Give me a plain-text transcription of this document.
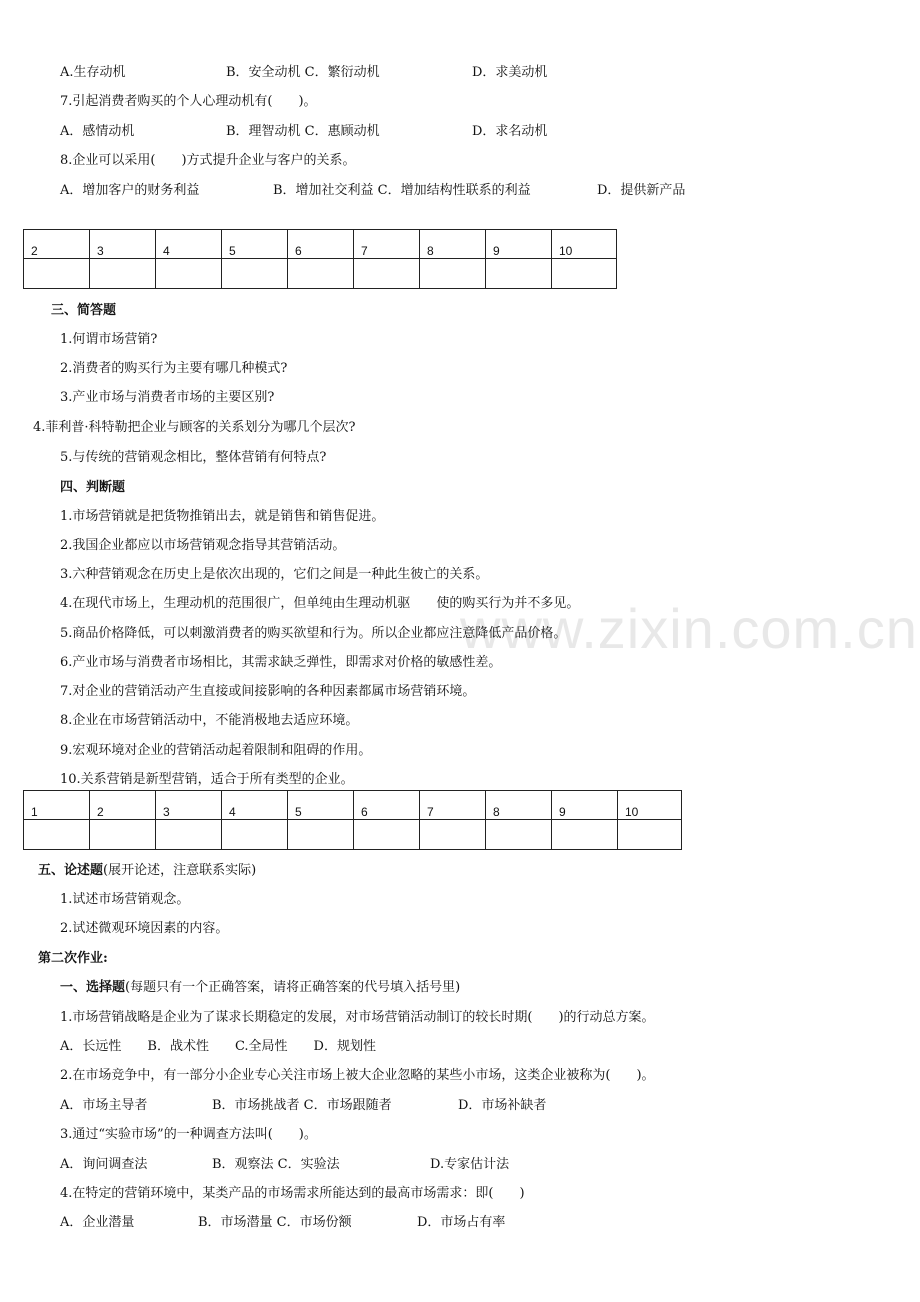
www.zixin.com.cn
A.生存动机	B．安全动机 C．繁衍动机	D．求美动机
7.引起消费者购买的个人心理动机有(　　)。
A．感情动机	B．理智动机 C．惠顾动机	D．求名动机
8.企业可以采用(　　)方式提升企业与客户的关系。
A．增加客户的财务利益	B．增加社交利益 C．增加结构性联系的利益	D．提供新产品
2	3	4	5	6	7	8	9	10

三、简答题
1.何谓市场营销?
2.消费者的购买行为主要有哪几种模式?
3.产业市场与消费者市场的主要区别?
4.菲利普·科特勒把企业与顾客的关系划分为哪几个层次?
5.与传统的营销观念相比，整体营销有何特点?
四、判断题
1.市场营销就是把货物推销出去，就是销售和销售促进。
2.我国企业都应以市场营销观念指导其营销活动。
3.六种营销观念在历史上是依次出现的，它们之间是一种此生彼亡的关系。
4.在现代市场上，生理动机的范围很广，但单纯由生理动机驱　　使的购买行为并不多见。
5.商品价格降低，可以刺激消费者的购买欲望和行为。所以企业都应注意降低产品价格。
6.产业市场与消费者市场相比，其需求缺乏弹性，即需求对价格的敏感性差。
7.对企业的营销活动产生直接或间接影响的各种因素都属市场营销环境。
8.企业在市场营销活动中，不能消极地去适应环境。
9.宏观环境对企业的营销活动起着限制和阻碍的作用。
10.关系营销是新型营销，适合于所有类型的企业。
1	2	3	4	5	6	7	8	9	10

五、论述题(展开论述，注意联系实际)
1.试述市场营销观念。
2.试述微观环境因素的内容。
第二次作业:
一、选择题(每题只有一个正确答案，请将正确答案的代号填入括号里)
1.市场营销战略是企业为了谋求长期稳定的发展，对市场营销活动制订的较长时期(　　)的行动总方案。
A．长远性　　B．战术性　　C.全局性　　D．规划性
2.在市场竞争中，有一部分小企业专心关注市场上被大企业忽略的某些小市场，这类企业被称为(　　)。
A．市场主导者	B．市场挑战者 C．市场跟随者	D．市场补缺者
3.通过“实验市场”的一种调查方法叫(　　)。
A．询问调查法	B．观察法 C．实验法	D.专家估计法
4.在特定的营销环境中，某类产品的市场需求所能达到的最高市场需求：即(　　)
A．企业潜量	B．市场潜量 C．市场份额	D．市场占有率
